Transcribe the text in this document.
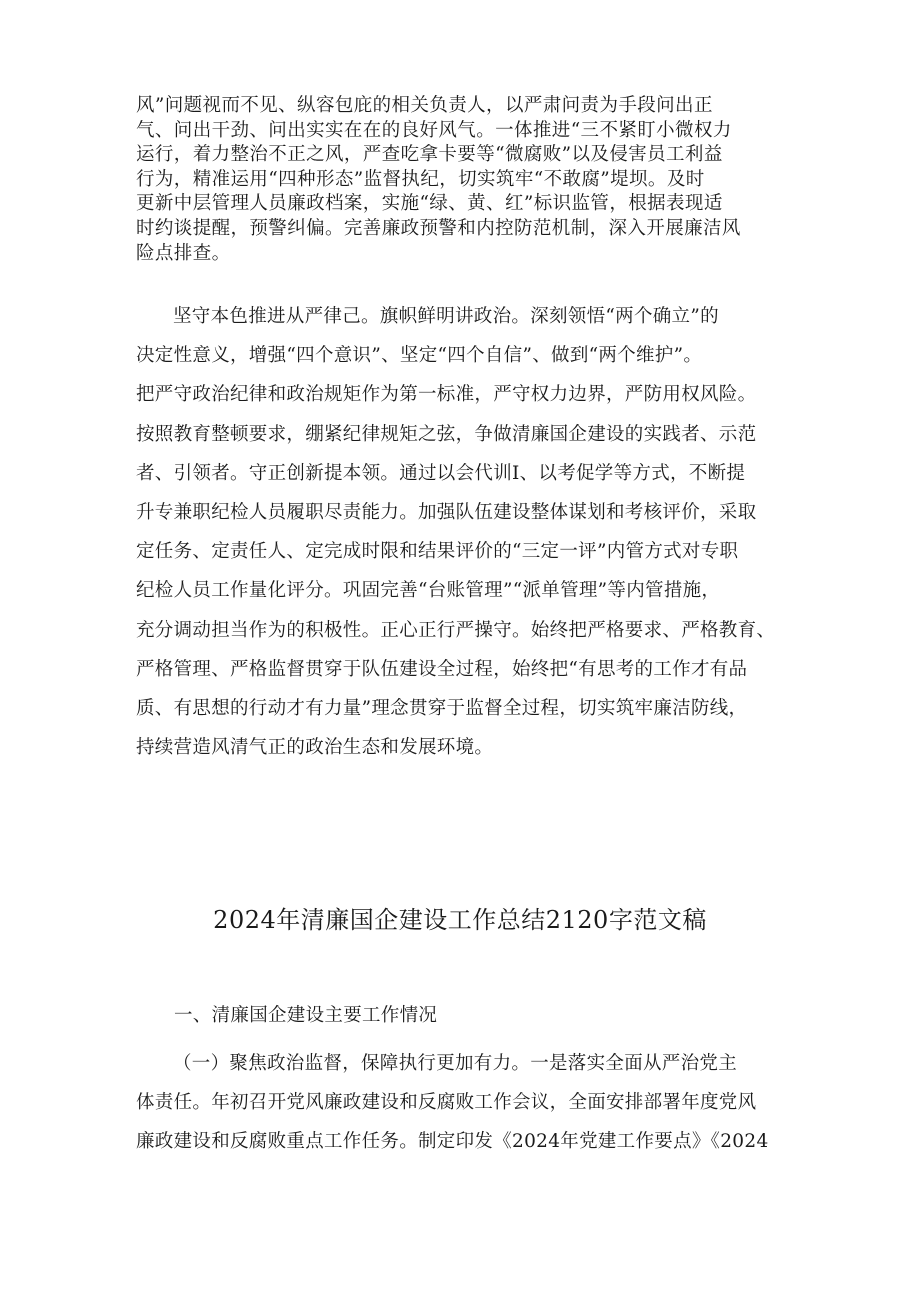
风”问题视而不见、纵容包庇的相关负责人，以严肃问责为手段问出正
气、问出干劲、问出实实在在的良好风气。一体推进“三不紧盯小微权力
运行，着力整治不正之风，严查吃拿卡要等“微腐败”以及侵害员工利益
行为，精准运用“四种形态”监督执纪，切实筑牢“不敢腐”堤坝。及时
更新中层管理人员廉政档案，实施“绿、黄、红”标识监管，根据表现适
时约谈提醒，预警纠偏。完善廉政预警和内控防范机制，深入开展廉洁风
险点排查。
坚守本色推进从严律己。旗帜鲜明讲政治。深刻领悟“两个确立”的
决定性意义，增强“四个意识”、坚定“四个自信”、做到“两个维护”。
把严守政治纪律和政治规矩作为第一标准，严守权力边界，严防用权风险。
按照教育整顿要求，绷紧纪律规矩之弦，争做清廉国企建设的实践者、示范
者、引领者。守正创新提本领。通过以会代训I、以考促学等方式，不断提
升专兼职纪检人员履职尽责能力。加强队伍建设整体谋划和考核评价，采取
定任务、定责任人、定完成时限和结果评价的“三定一评”内管方式对专职
纪检人员工作量化评分。巩固完善“台账管理”“派单管理”等内管措施，
充分调动担当作为的积极性。正心正行严操守。始终把严格要求、严格教育、
严格管理、严格监督贯穿于队伍建设全过程，始终把“有思考的工作才有品
质、有思想的行动才有力量”理念贯穿于监督全过程，切实筑牢廉洁防线，
持续营造风清气正的政治生态和发展环境。
2024年清廉国企建设工作总结2120字范文稿

一、清廉国企建设主要工作情况

（一）聚焦政治监督，保障执行更加有力。一是落实全面从严治党主
体责任。年初召开党风廉政建设和反腐败工作会议，全面安排部署年度党风
廉政建设和反腐败重点工作任务。制定印发《2024年党建工作要点》《2024
